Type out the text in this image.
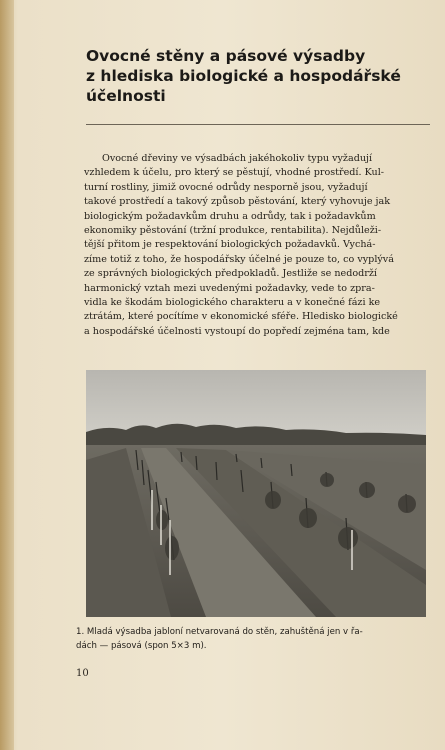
Ovocné stěny a pásové výsadby
z hlediska biologické a hospodářské
účelnosti
Ovocné dřeviny ve výsadbách jakéhokoliv typu vyžadují
vzhledem k účelu, pro který se pěstují, vhodné prostředí. Kul-
turní rostliny, jimiž ovocné odrůdy nesporně jsou, vyžadují
takové prostředí a takový způsob pěstování, který vyhovuje jak
biologickým požadavkům druhu a odrůdy, tak i požadavkům
ekonomiky pěstování (tržní produkce, rentabilita). Nejdůleži-
tější přitom je respektování biologických požadavků. Vychá-
zíme totiž z toho, že hospodářsky účelné je pouze to, co vyplývá
ze správných biologických předpokladů. Jestliže se nedodrží
harmonický vztah mezi uvedenými požadavky, vede to zpra-
vidla ke škodám biologického charakteru a v konečné fázi ke
ztrátám, které pocítíme v ekonomické sféře. Hledisko biologické
a hospodářské účelnosti vystoupí do popředí zejména tam, kde
1. Mladá výsadba jabloní netvarovaná do stěn, zahuštěná jen v řa-
dách — pásová (spon 5×3 m).
10
